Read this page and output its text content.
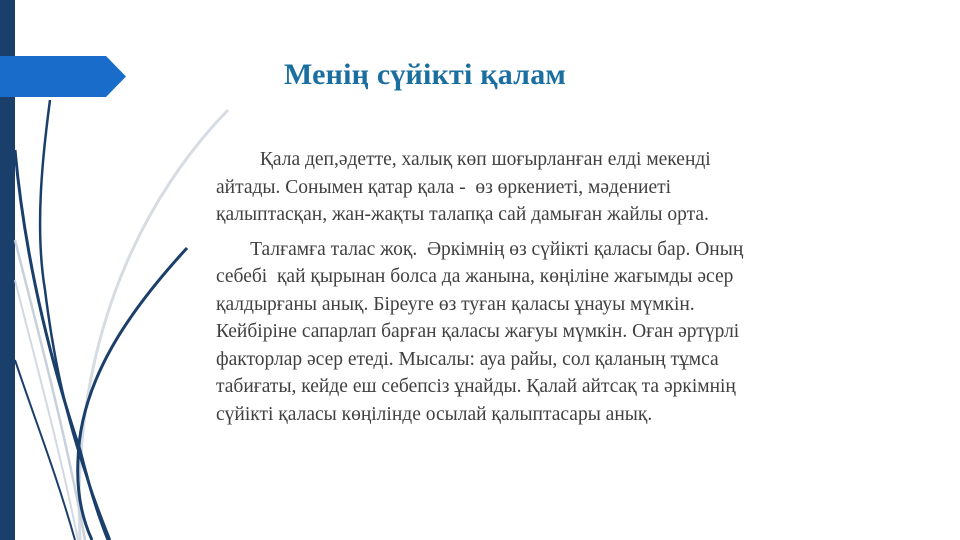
Менің сүйікті қалам

Қала деп,әдетте, халық көп шоғырланған елді мекенді
айтады. Сонымен қатар қала -  өз өркениеті, мәдениеті
қалыптасқан, жан-жақты талапқа сай дамыған жайлы орта.

Талғамға талас жоқ.  Әркімнің өз сүйікті қаласы бар. Оның
себебі  қай қырынан болса да жанына, көңіліне жағымды әсер
қалдырғаны анық. Біреуге өз туған қаласы ұнауы мүмкін.
Кейбіріне сапарлап барған қаласы жағуы мүмкін. Оған әртүрлі
факторлар әсер етеді. Мысалы: ауа райы, сол қаланың тұмса
табиғаты, кейде еш себепсіз ұнайды. Қалай айтсақ та әркімнің
сүйікті қаласы көңілінде осылай қалыптасары анық.
